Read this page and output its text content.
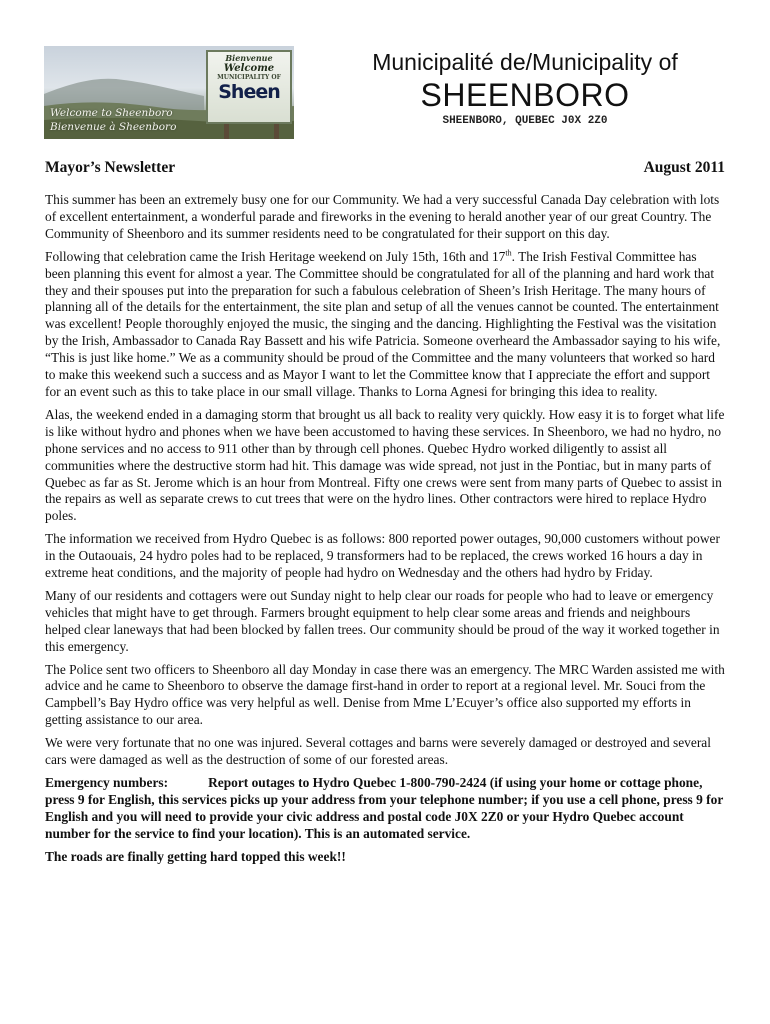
Bienvenue
Welcome
MUNICIPALITY OF
Sheen
Welcome to Sheenboro
Bienvenue à Sheenboro
Municipalité de/Municipality of
SHEENBORO
SHEENBORO, QUEBEC J0X 2Z0
Mayor’s Newsletter	August 2011

This summer has been an extremely busy one for our Community. We had a very successful Canada Day celebration with lots of excellent entertainment, a wonderful parade and fireworks in the evening to herald another year of our great Country. The Community of Sheenboro and its summer residents need to be congratulated for their support on this day.

Following that celebration came the Irish Heritage weekend on July 15th, 16th and 17th. The Irish Festival Committee has been planning this event for almost a year. The Committee should be congratulated for all of the planning and hard work that they and their spouses put into the preparation for such a fabulous celebration of Sheen’s Irish Heritage. The many hours of planning all of the details for the entertainment, the site plan and setup of all the venues cannot be counted. The entertainment was excellent! People thoroughly enjoyed the music, the singing and the dancing. Highlighting the Festival was the visitation by the Irish, Ambassador to Canada Ray Bassett and his wife Patricia. Someone overheard the Ambassador saying to his wife, “This is just like home.” We as a community should be proud of the Committee and the many volunteers that worked so hard to make this weekend such a success and as Mayor I want to let the Committee know that I appreciate the effort and support for an event such as this to take place in our small village. Thanks to Lorna Agnesi for bringing this idea to reality.

Alas, the weekend ended in a damaging storm that brought us all back to reality very quickly. How easy it is to forget what life is like without hydro and phones when we have been accustomed to having these services. In Sheenboro, we had no hydro, no phone services and no access to 911 other than by through cell phones. Quebec Hydro worked diligently to assist all communities where the destructive storm had hit. This damage was wide spread, not just in the Pontiac, but in many parts of Quebec as far as St. Jerome which is an hour from Montreal. Fifty one crews were sent from many parts of Quebec to assist in the repairs as well as separate crews to cut trees that were on the hydro lines. Other contractors were hired to replace Hydro poles.

The information we received from Hydro Quebec is as follows: 800 reported power outages, 90,000 customers without power in the Outaouais, 24 hydro poles had to be replaced, 9 transformers had to be replaced, the crews worked 16 hours a day in extreme heat conditions, and the majority of people had hydro on Wednesday and the others had hydro by Friday.

Many of our residents and cottagers were out Sunday night to help clear our roads for people who had to leave or emergency vehicles that might have to get through. Farmers brought equipment to help clear some areas and friends and neighbours helped clear laneways that had been blocked by fallen trees. Our community should be proud of the way it worked together in this emergency.

The Police sent two officers to Sheenboro all day Monday in case there was an emergency. The MRC Warden assisted me with advice and he came to Sheenboro to observe the damage first-hand in order to report at a regional level. Mr. Souci from the Campbell’s Bay Hydro office was very helpful as well. Denise from Mme L’Ecuyer’s office also supported my efforts in getting assistance to our area.

We were very fortunate that no one was injured. Several cottages and barns were severely damaged or destroyed and several cars were damaged as well as the destruction of some of our forested areas.

Emergency numbers:	Report outages to Hydro Quebec 1-800-790-2424 (if using your home or cottage phone, press 9 for English, this services picks up your address from your telephone number; if you use a cell phone, press 9 for English and you will need to provide your civic address and postal code J0X 2Z0 or your Hydro Quebec account number for the service to find your location). This is an automated service.

The roads are finally getting hard topped this week!!
